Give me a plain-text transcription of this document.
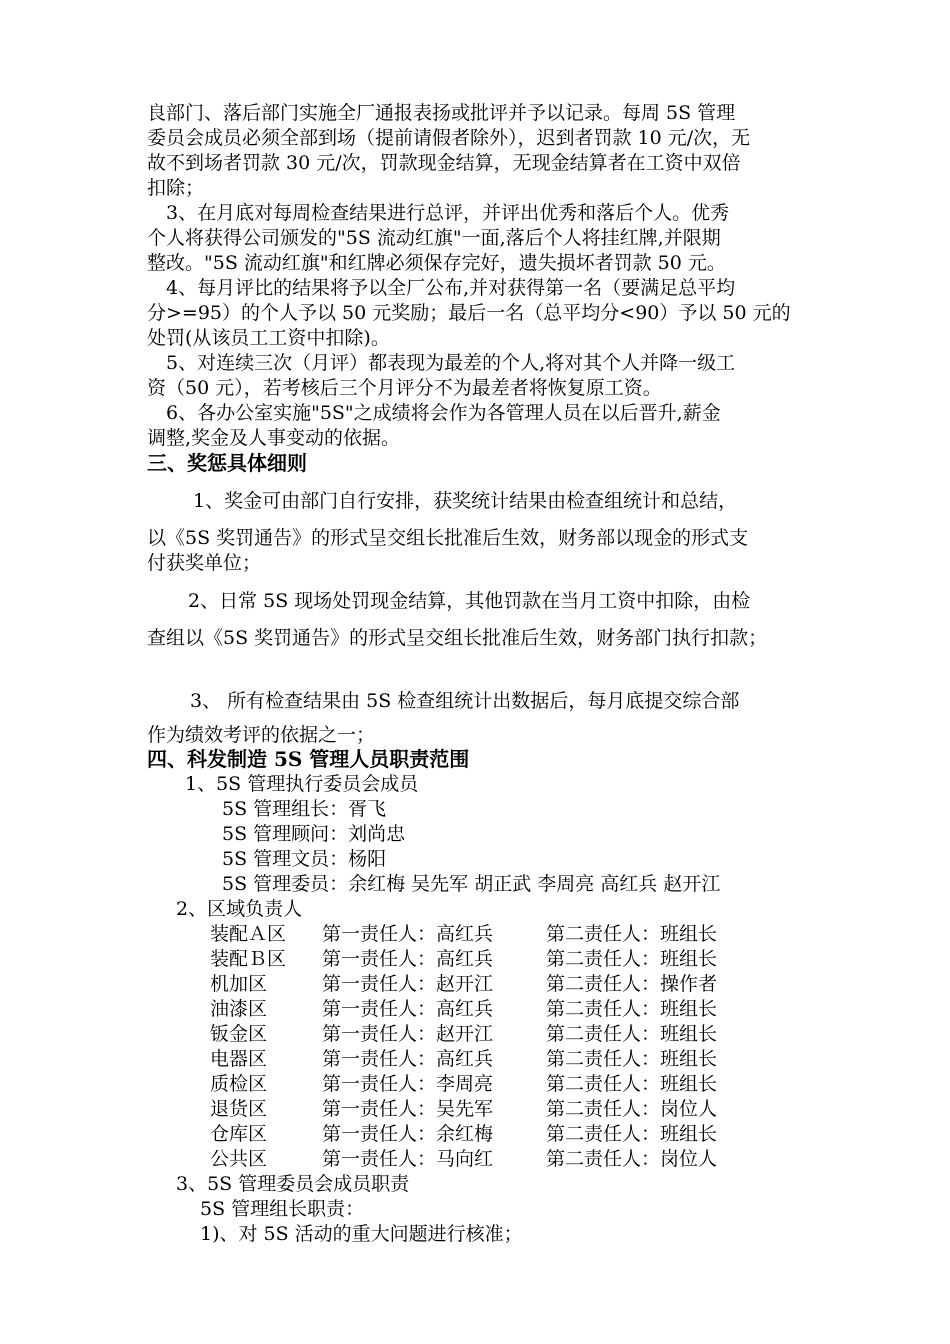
良部门、落后部门实施全厂通报表扬或批评并予以记录。每周 5S 管理
委员会成员必须全部到场（提前请假者除外），迟到者罚款 10 元/次，无
故不到场者罚款 30 元/次，罚款现金结算，无现金结算者在工资中双倍
扣除；
3、在月底对每周检查结果进行总评，并评出优秀和落后个人。优秀
个人将获得公司颁发的"5S 流动红旗"一面,落后个人将挂红牌,并限期
整改。"5S 流动红旗"和红牌必须保存完好，遗失损坏者罚款 50 元。
4、每月评比的结果将予以全厂公布,并对获得第一名（要满足总平均
分>=95）的个人予以 50 元奖励；最后一名（总平均分<90）予以 50 元的
处罚(从该员工工资中扣除)。
5、对连续三次（月评）都表现为最差的个人,将对其个人并降一级工
资（50 元），若考核后三个月评分不为最差者将恢复原工资。
6、各办公室实施"5S"之成绩将会作为各管理人员在以后晋升,薪金
调整,奖金及人事变动的依据。
三、奖惩具体细则
1、奖金可由部门自行安排，获奖统计结果由检查组统计和总结，
以《5S 奖罚通告》的形式呈交组长批准后生效，财务部以现金的形式支
付获奖单位；
2、日常 5S 现场处罚现金结算，其他罚款在当月工资中扣除，由检
查组以《5S 奖罚通告》的形式呈交组长批准后生效，财务部门执行扣款；
3、 所有检查结果由 5S 检查组统计出数据后，每月底提交综合部
作为绩效考评的依据之一；
四、科发制造 5S 管理人员职责范围
1、5S 管理执行委员会成员
5S 管理组长：胥飞
5S 管理顾问：刘尚忠
5S 管理文员：杨阳
5S 管理委员：余红梅 吴先军 胡正武 李周亮 高红兵 赵开江
2、区域负责人
装配Ａ区 第一责任人：高红兵	第二责任人：班组长
装配Ｂ区 第一责任人：高红兵	第二责任人：班组长
机加区	第一责任人：赵开江	第二责任人：操作者
油漆区	第一责任人：高红兵	第二责任人：班组长
钣金区	第一责任人：赵开江	第二责任人：班组长
电器区	第一责任人：高红兵	第二责任人：班组长
质检区	第一责任人：李周亮	第二责任人：班组长
退货区	第一责任人：吴先军	第二责任人：岗位人
仓库区	第一责任人：余红梅	第二责任人：班组长
公共区	第一责任人：马向红	第二责任人：岗位人
3、5S 管理委员会成员职责
5S 管理组长职责：
1)、对 5S 活动的重大问题进行核准；
